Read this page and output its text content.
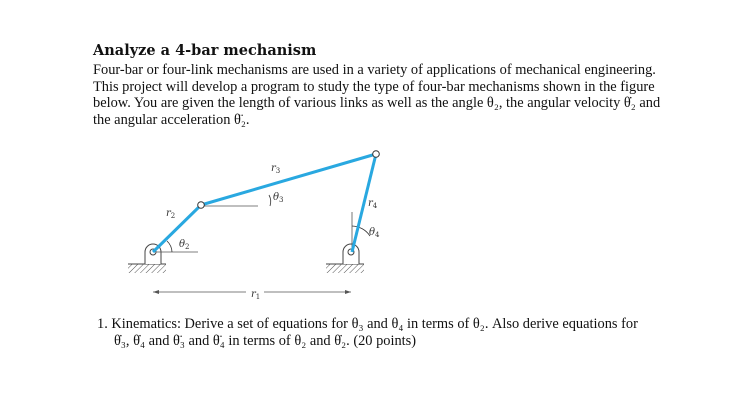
Analyze a 4-bar mechanism
Four-bar or four-link mechanisms are used in a variety of applications of mechanical engineering.
This project will develop a program to study the type of four-bar mechanisms shown in the figure
below. You are given the length of various links as well as the angle θ₂, the angular velocity θ̇₂ and
the angular acceleration θ̈₂.
$r_2$
$r_3$
$r_4$
$r_1$
$\theta_2$
$\theta_3$
$\theta_4$
1. Kinematics: Derive a set of equations for θ₃ and θ₄ in terms of θ₂. Also derive equations for
θ̇₃, θ̇₄ and θ̈₃ and θ̈₄ in terms of θ₂ and θ̇₂. (20 points)
